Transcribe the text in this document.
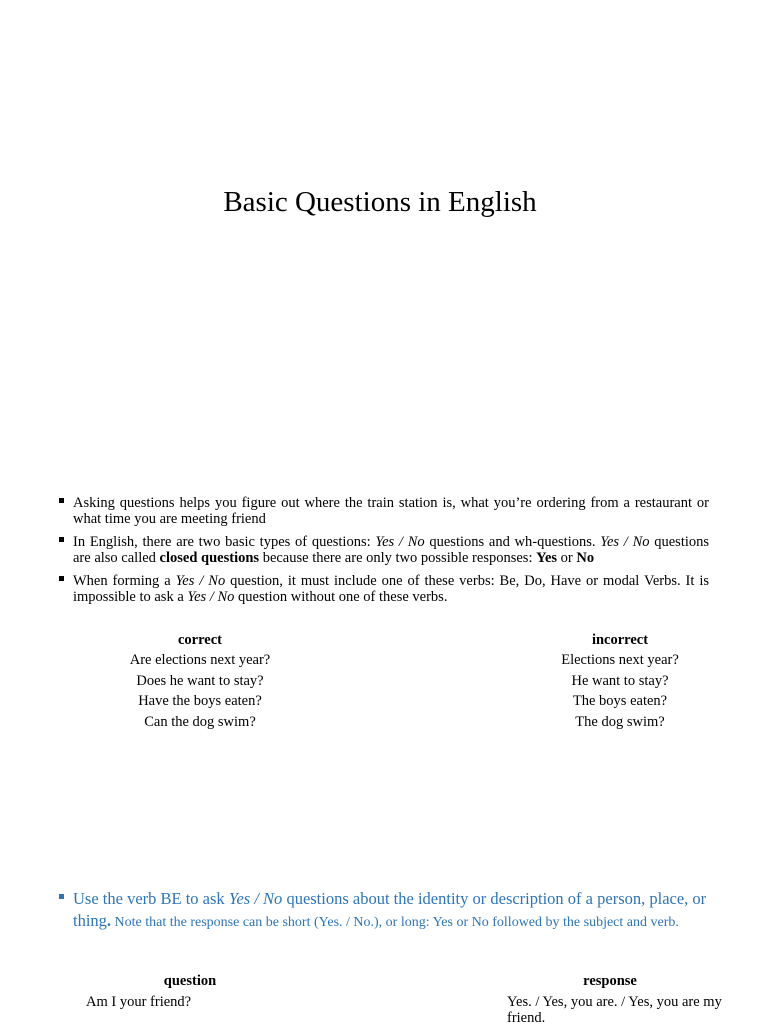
Basic Questions in English
Asking questions helps you figure out where the train station is, what you’re ordering from a restaurant or what time you are meeting friend
In English, there are two basic types of questions: Yes / No questions and wh-questions. Yes / No questions are also called closed questions because there are only two possible responses: Yes or No
When forming a Yes / No question, it must include one of these verbs: Be, Do, Have or modal Verbs. It is impossible to ask a Yes / No question without one of these verbs.
correct
Are elections next year?
Does he want to stay?
Have the boys eaten?
Can the dog swim?
incorrect
Elections next year?
He want to stay?
The boys eaten?
The dog swim?
Use the verb BE to ask Yes / No questions about the identity or description of a person, place, or thing. Note that the response can be short (Yes. / No.), or long: Yes or No followed by the subject and verb.
question	response
Am I your friend?	Yes. / Yes, you are. / Yes, you are my friend.
